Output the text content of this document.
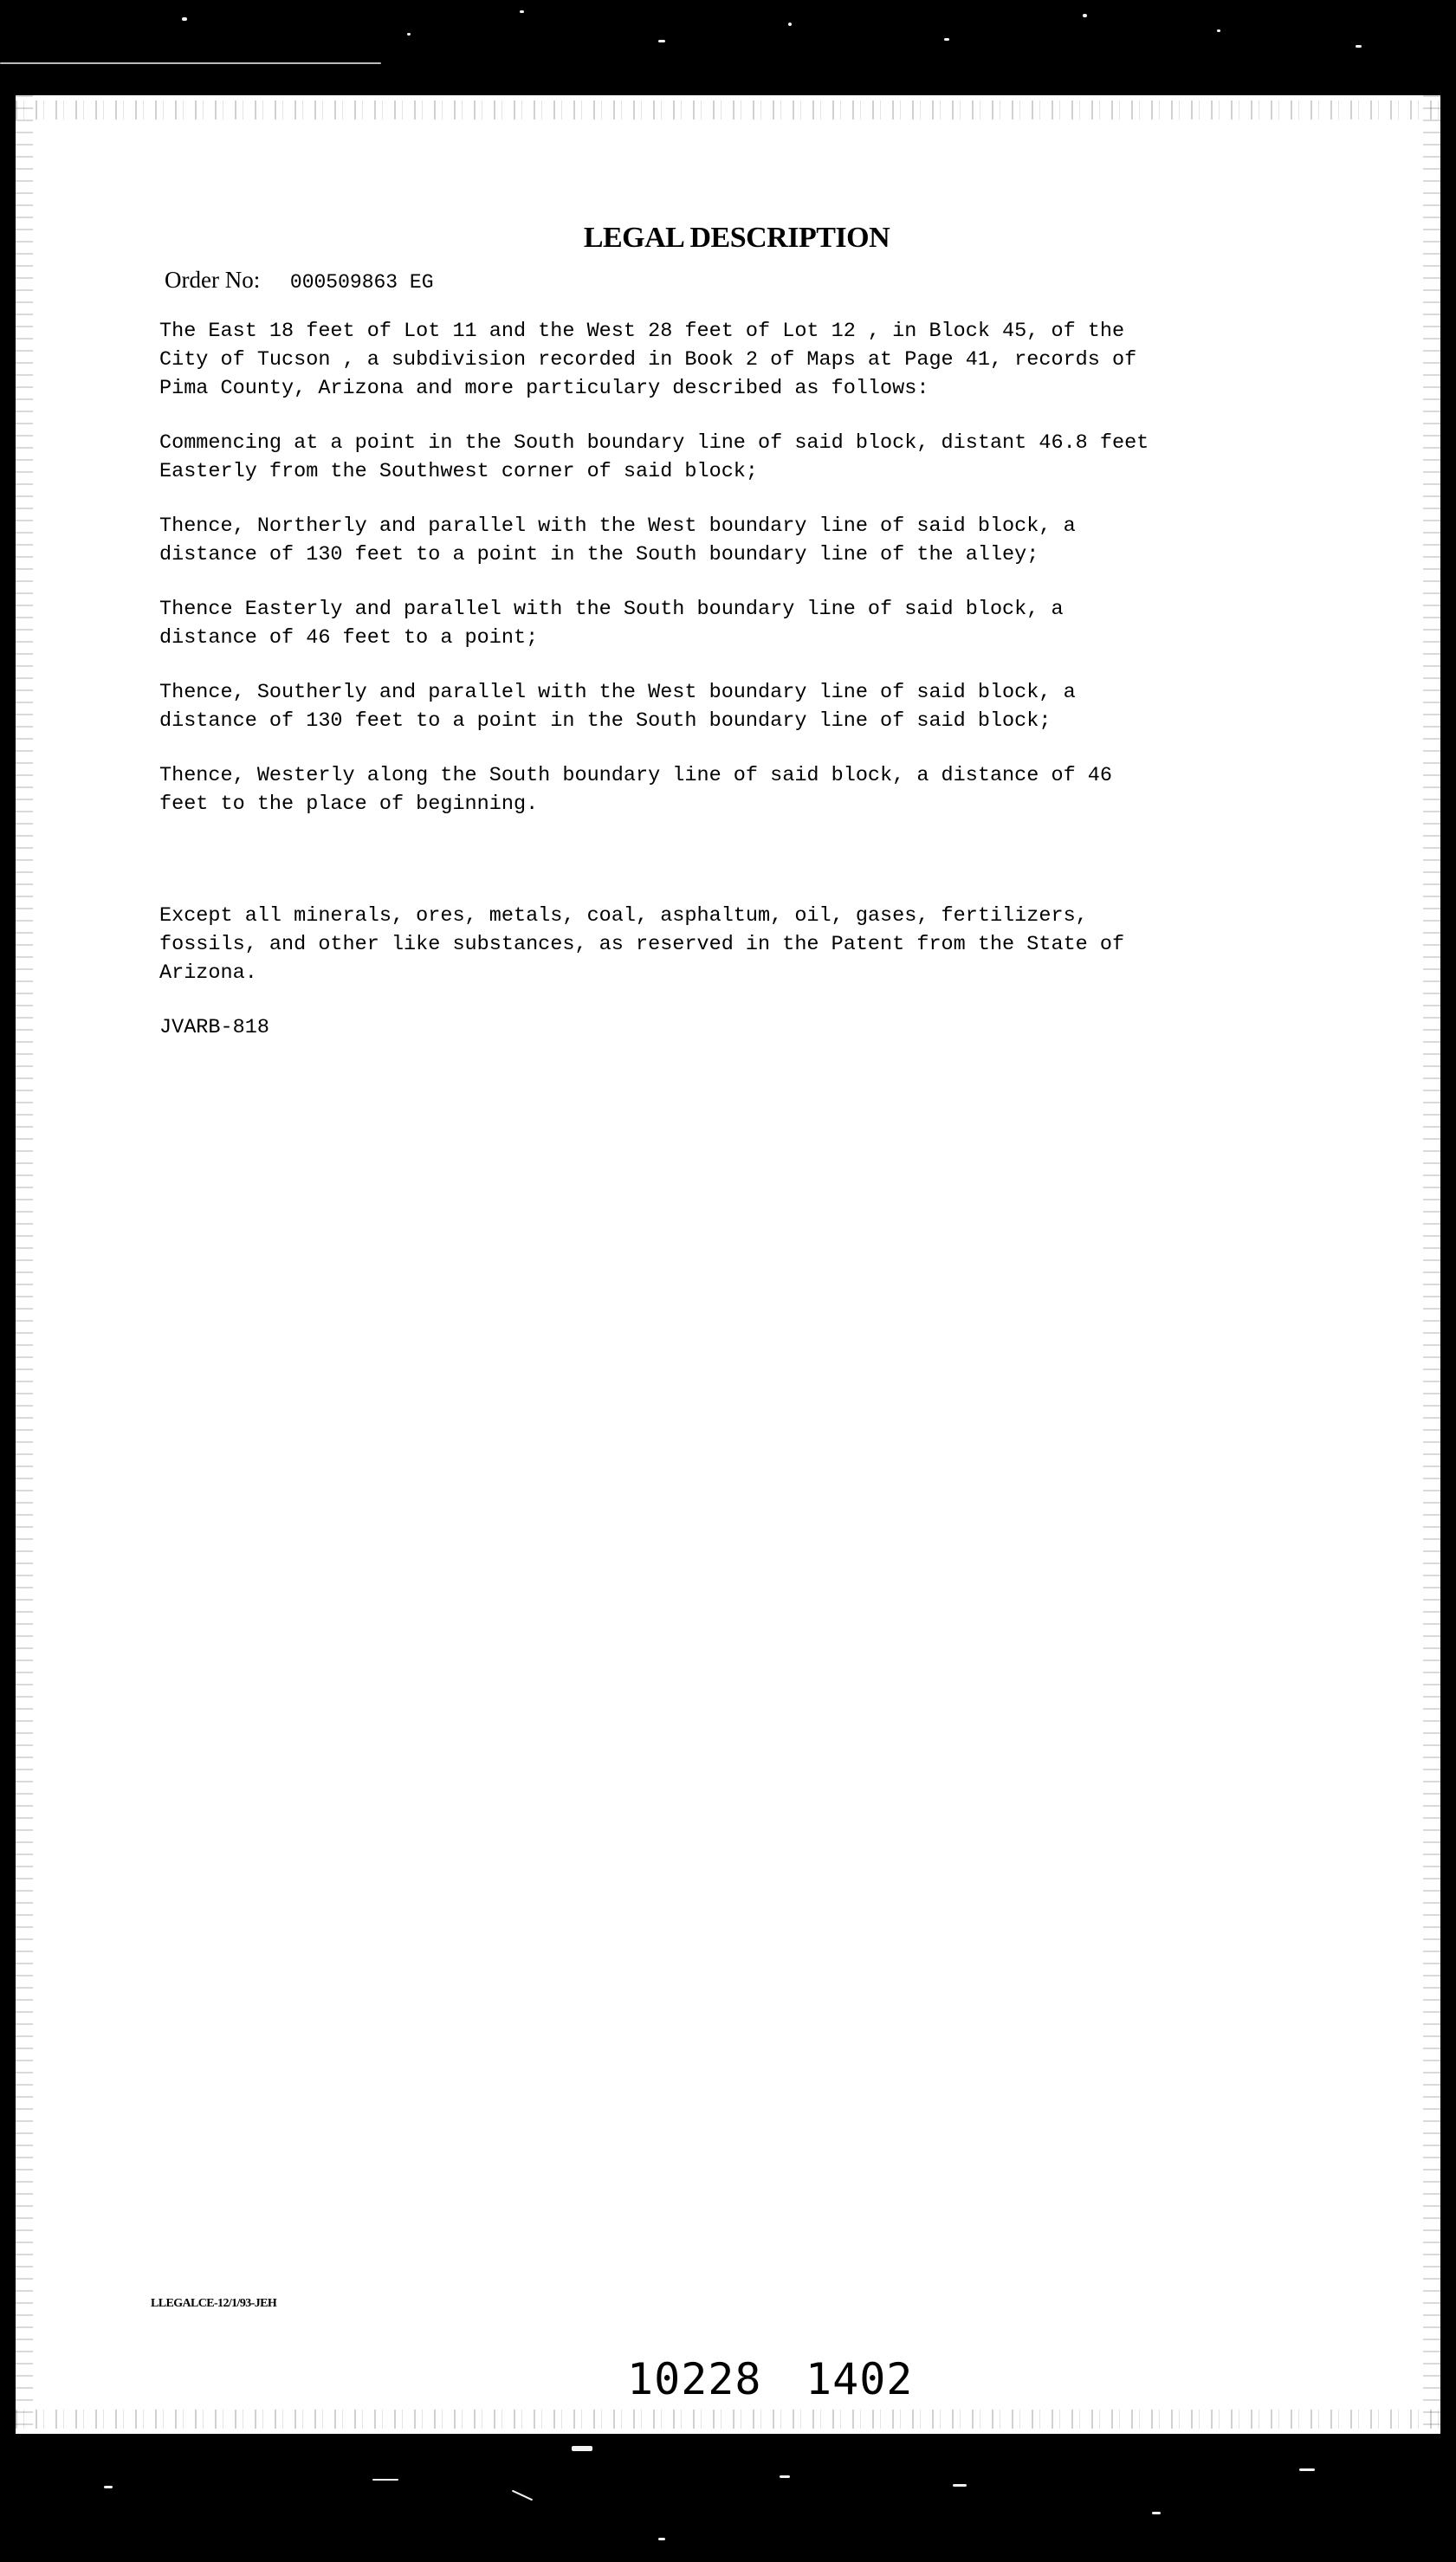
LEGAL DESCRIPTION
Order No: 000509863 EG

The East 18 feet of Lot 11 and the West 28 feet of Lot 12 , in Block 45, of the
City of Tucson , a subdivision recorded in Book 2 of Maps at Page 41, records of
Pima County, Arizona and more particulary described as follows:

Commencing at a point in the South boundary line of said block, distant 46.8 feet
Easterly from the Southwest corner of said block;

Thence, Northerly and parallel with the West boundary line of said block, a
distance of 130 feet to a point in the South boundary line of the alley;

Thence Easterly and parallel with the South boundary line of said block, a
distance of 46 feet to a point;

Thence, Southerly and parallel with the West boundary line of said block, a
distance of 130 feet to a point in the South boundary line of said block;

Thence, Westerly along the South boundary line of said block, a distance of 46
feet to the place of beginning.

Except all minerals, ores, metals, coal, asphaltum, oil, gases, fertilizers,
fossils, and other like substances, as reserved in the Patent from the State of
Arizona.

JVARB-818

LLEGALCE-12/1/93-JEH
10228 1402
